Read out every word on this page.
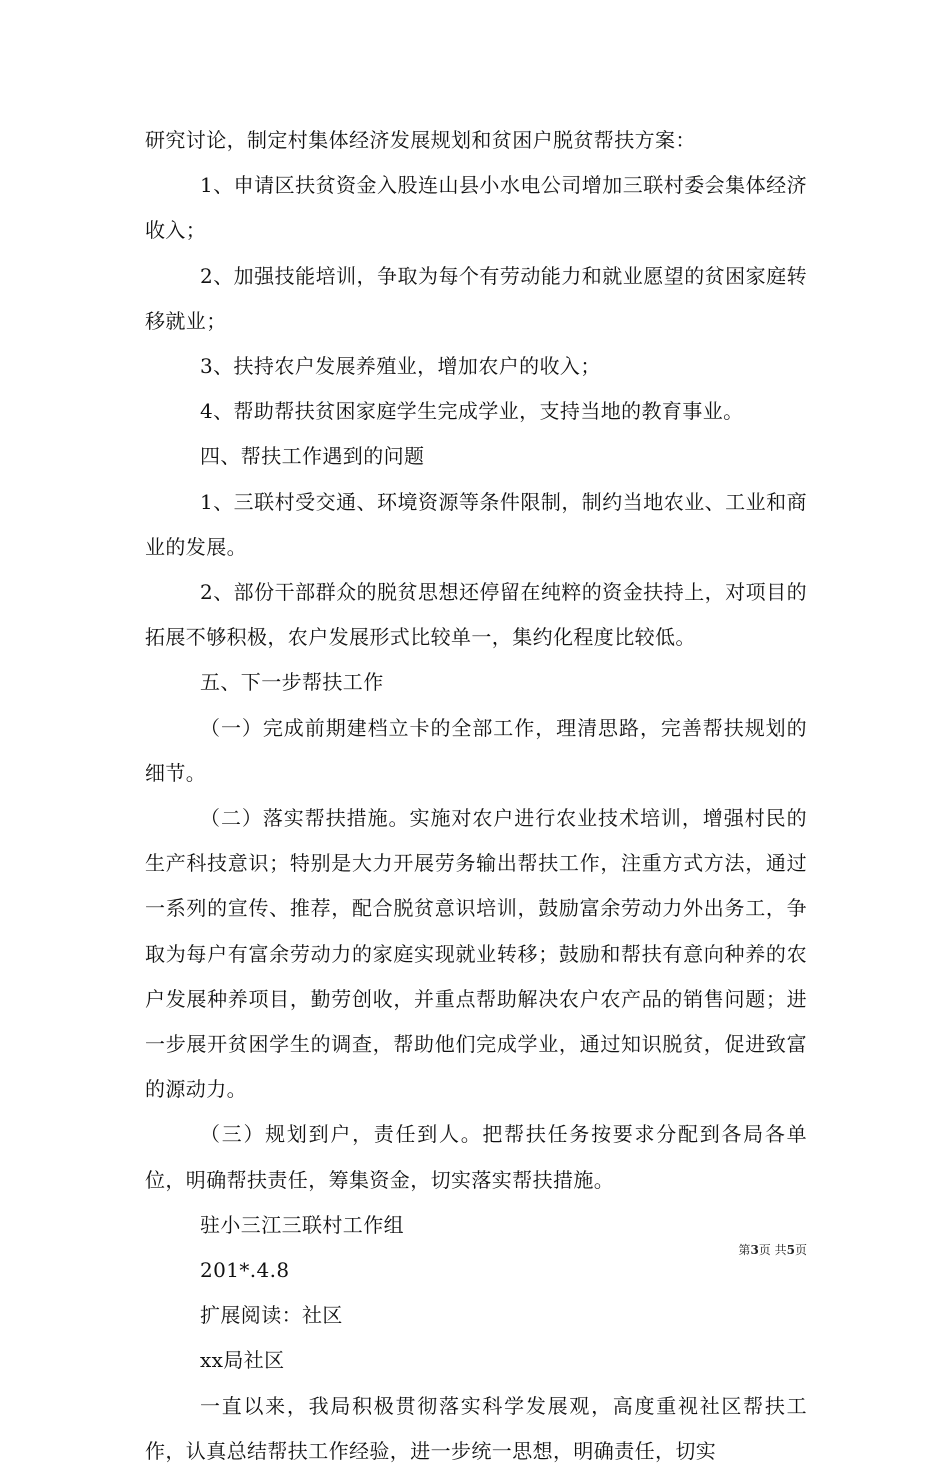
研究讨论，制定村集体经济发展规划和贫困户脱贫帮扶方案：

1、申请区扶贫资金入股连山县小水电公司增加三联村委会集体经济收入；

2、加强技能培训，争取为每个有劳动能力和就业愿望的贫困家庭转移就业；

3、扶持农户发展养殖业，增加农户的收入；

4、帮助帮扶贫困家庭学生完成学业，支持当地的教育事业。

四、帮扶工作遇到的问题

1、三联村受交通、环境资源等条件限制，制约当地农业、工业和商业的发展。

2、部份干部群众的脱贫思想还停留在纯粹的资金扶持上，对项目的拓展不够积极，农户发展形式比较单一，集约化程度比较低。

五、下一步帮扶工作

（一）完成前期建档立卡的全部工作，理清思路，完善帮扶规划的细节。

（二）落实帮扶措施。实施对农户进行农业技术培训，增强村民的生产科技意识；特别是大力开展劳务输出帮扶工作，注重方式方法，通过一系列的宣传、推荐，配合脱贫意识培训，鼓励富余劳动力外出务工，争取为每户有富余劳动力的家庭实现就业转移；鼓励和帮扶有意向种养的农户发展种养项目，勤劳创收，并重点帮助解决农户农产品的销售问题；进一步展开贫困学生的调查，帮助他们完成学业，通过知识脱贫，促进致富的源动力。

（三）规划到户，责任到人。把帮扶任务按要求分配到各局各单位，明确帮扶责任，筹集资金，切实落实帮扶措施。

驻小三江三联村工作组

201*.4.8

扩展阅读：社区

xx局社区

一直以来，我局积极贯彻落实科学发展观，高度重视社区帮扶工作，认真总结帮扶工作经验，进一步统一思想，明确责任，切实

第3页 共5页
